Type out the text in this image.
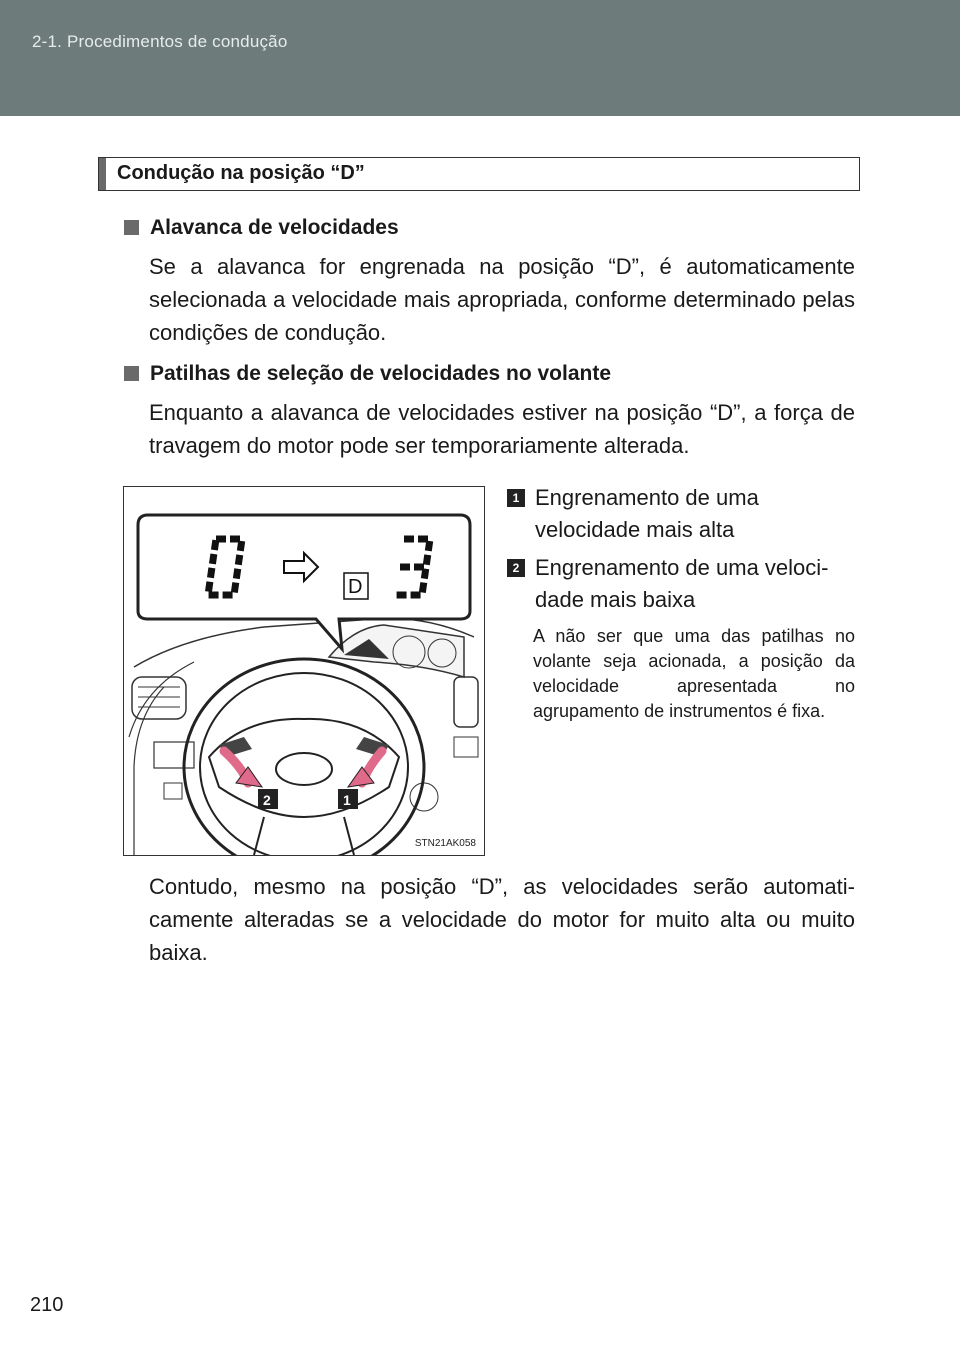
2-1. Procedimentos de condução
Condução na posição “D”
Alavanca de velocidades
Se a alavanca for engrenada na posição “D”, é automaticamente selecionada a velocidade mais apropriada, conforme determinado pelas condições de condução.
Patilhas de seleção de velocidades no volante
Enquanto a alavanca de velocidades estiver na posição “D”, a força de travagem do motor pode ser temporariamente alterada.
D
2	1
STN21AK058
1 Engrenamento de uma velocidade mais alta
2 Engrenamento de uma velocidade mais baixa
A não ser que uma das patilhas no volante seja acionada, a posição da velocidade apresentada no agrupamento de instrumentos é fixa.
Contudo, mesmo na posição “D”, as velocidades serão automaticamente alteradas se a velocidade do motor for muito alta ou muito baixa.
210
